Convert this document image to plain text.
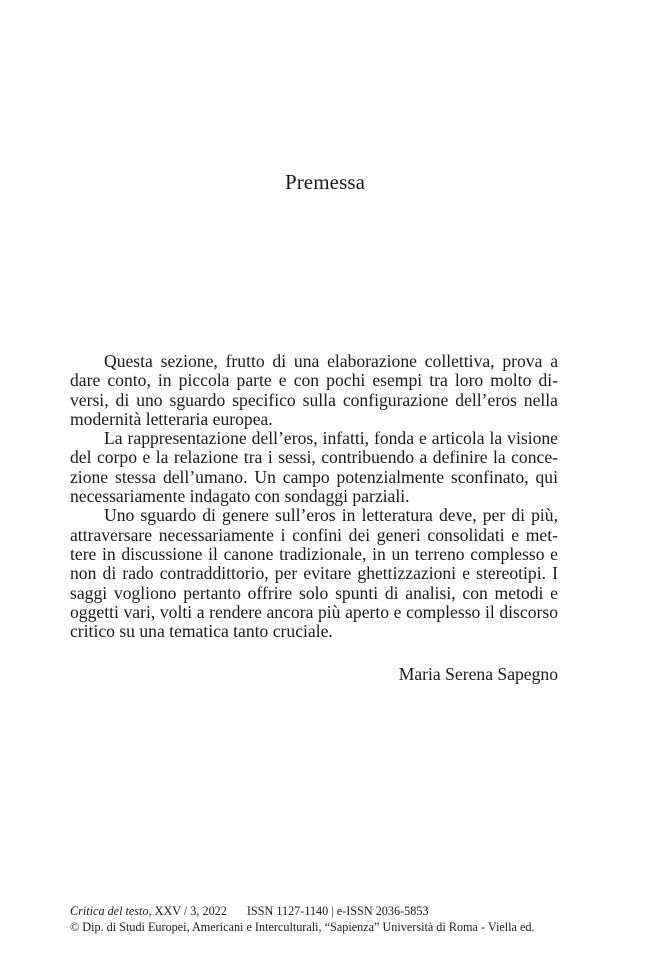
Premessa
Questa sezione, frutto di una elaborazione collettiva, prova a
dare conto, in piccola parte e con pochi esempi tra loro molto di-
versi, di uno sguardo specifico sulla configurazione dell’eros nella
modernità letteraria europea.
La rappresentazione dell’eros, infatti, fonda e articola la visione
del corpo e la relazione tra i sessi, contribuendo a definire la conce-
zione stessa dell’umano. Un campo potenzialmente sconfinato, qui
necessariamente indagato con sondaggi parziali.
Uno sguardo di genere sull’eros in letteratura deve, per di più,
attraversare necessariamente i confini dei generi consolidati e met-
tere in discussione il canone tradizionale, in un terreno complesso e
non di rado contraddittorio, per evitare ghettizzazioni e stereotipi. I
saggi vogliono pertanto offrire solo spunti di analisi, con metodi e
oggetti vari, volti a rendere ancora più aperto e complesso il discorso
critico su una tematica tanto cruciale.
Maria Serena Sapegno
Critica del testo, XXV / 3, 2022 ISSN 1127-1140 | e-ISSN 2036-5853
© Dip. di Studi Europei, Americani e Interculturali, “Sapienza” Università di Roma - Viella ed.
